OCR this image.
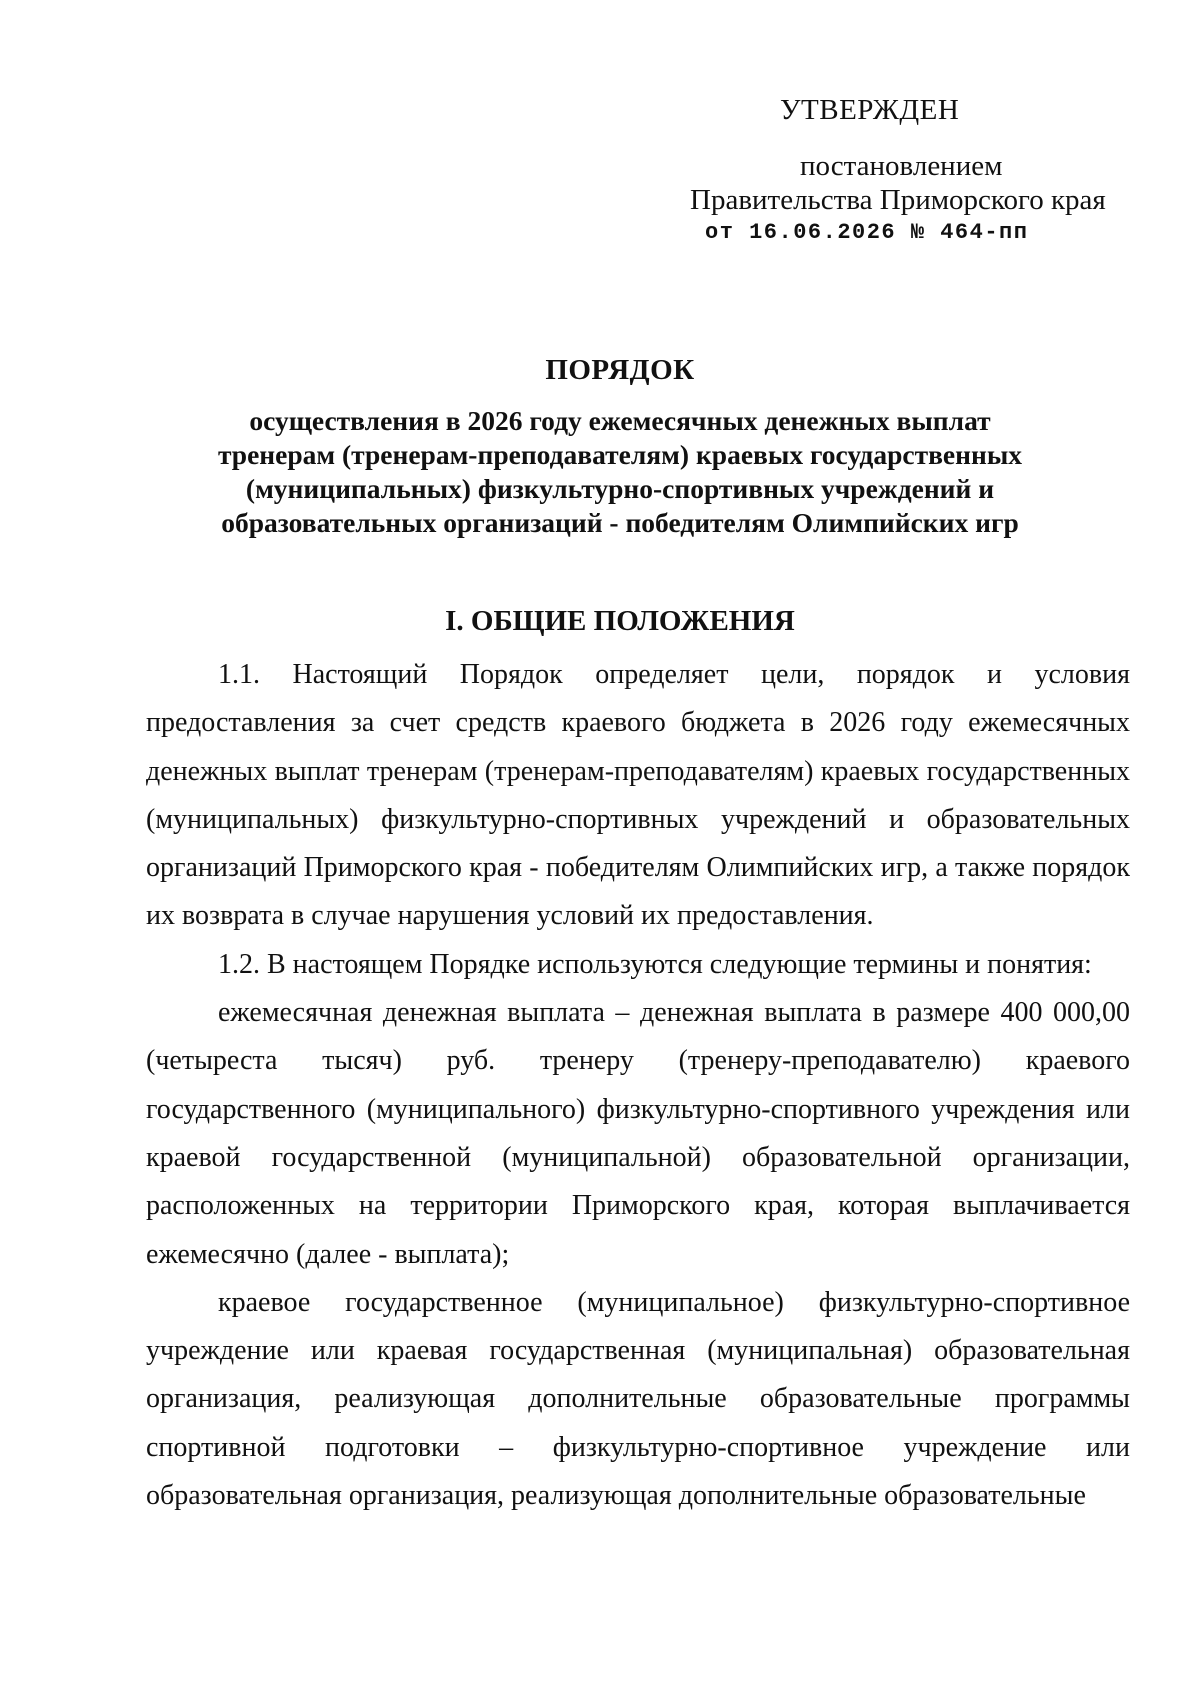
УТВЕРЖДЕН
постановлением
Правительства Приморского края
от 16.06.2026 № 464-пп
ПОРЯДОК
осуществления в 2026 году ежемесячных денежных выплат
тренерам (тренерам-преподавателям) краевых государственных
(муниципальных) физкультурно-спортивных учреждений и
образовательных организаций - победителям Олимпийских игр
I. ОБЩИЕ ПОЛОЖЕНИЯ

1.1. Настоящий Порядок определяет цели, порядок и условия предоставления за счет средств краевого бюджета в 2026 году ежемесячных денежных выплат тренерам (тренерам-преподавателям) краевых государственных (муниципальных) физкультурно-спортивных учреждений и образовательных организаций Приморского края - победителям Олимпийских игр, а также порядок их возврата в случае нарушения условий их предоставления.

1.2. В настоящем Порядке используются следующие термины и понятия:

ежемесячная денежная выплата – денежная выплата в размере 400 000,00 (четыреста тысяч) руб. тренеру (тренеру-преподавателю) краевого государственного (муниципального) физкультурно-спортивного учреждения или краевой государственной (муниципальной) образовательной организации, расположенных на территории Приморского края, которая выплачивается ежемесячно (далее - выплата);

краевое государственное (муниципальное) физкультурно-спортивное учреждение или краевая государственная (муниципальная) образовательная организация, реализующая дополнительные образовательные программы спортивной подготовки – физкультурно-спортивное учреждение или образовательная организация, реализующая дополнительные образовательные
